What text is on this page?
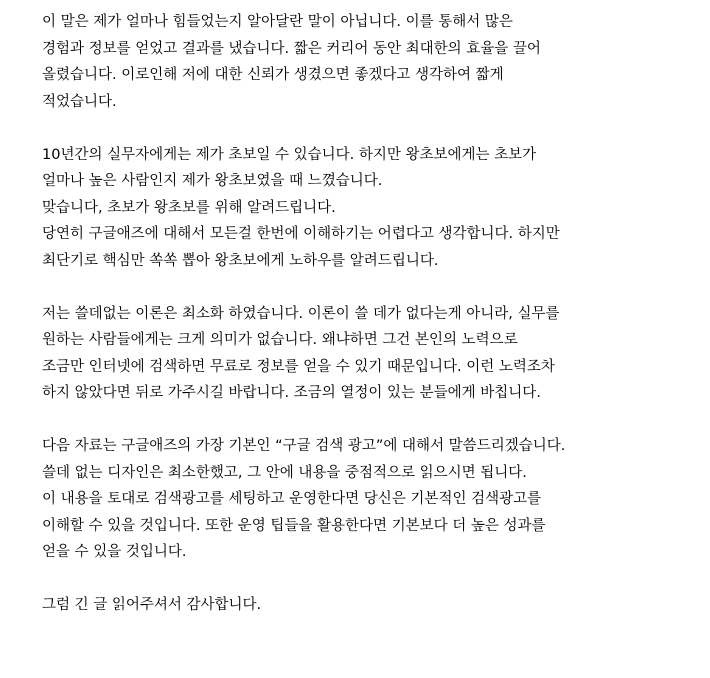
이 말은 제가 얼마나 힘들었는지 알아달란 말이 아닙니다. 이를 통해서 많은
경험과 정보를 얻었고 결과를 냈습니다. 짧은 커리어 동안 최대한의 효율을 끌어
올렸습니다. 이로인해 저에 대한 신뢰가 생겼으면 좋겠다고 생각하여 짧게
적었습니다.
10년간의 실무자에게는 제가 초보일 수 있습니다. 하지만 왕초보에게는 초보가
얼마나 높은 사람인지 제가 왕초보였을 때 느꼈습니다.
맞습니다, 초보가 왕초보를 위해 알려드립니다.
당연히 구글애즈에 대해서 모든걸 한번에 이해하기는 어렵다고 생각합니다. 하지만
최단기로 핵심만 쏙쏙 뽑아 왕초보에게 노하우를 알려드립니다.
저는 쓸데없는 이론은 최소화 하였습니다. 이론이 쓸 데가 없다는게 아니라, 실무를
원하는 사람들에게는 크게 의미가 없습니다. 왜냐하면 그건 본인의 노력으로
조금만 인터넷에 검색하면 무료로 정보를 얻을 수 있기 때문입니다. 이런 노력조차
하지 않았다면 뒤로 가주시길 바랍니다. 조금의 열정이 있는 분들에게 바칩니다.
다음 자료는 구글애즈의 가장 기본인 “구글 검색 광고”에 대해서 말씀드리겠습니다.
쓸데 없는 디자인은 최소한했고, 그 안에 내용을 중점적으로 읽으시면 됩니다.
이 내용을 토대로 검색광고를 세팅하고 운영한다면 당신은 기본적인 검색광고를
이해할 수 있을 것입니다. 또한 운영 팁들을 활용한다면 기본보다 더 높은 성과를
얻을 수 있을 것입니다.
그럼 긴 글 읽어주셔서 감사합니다.
